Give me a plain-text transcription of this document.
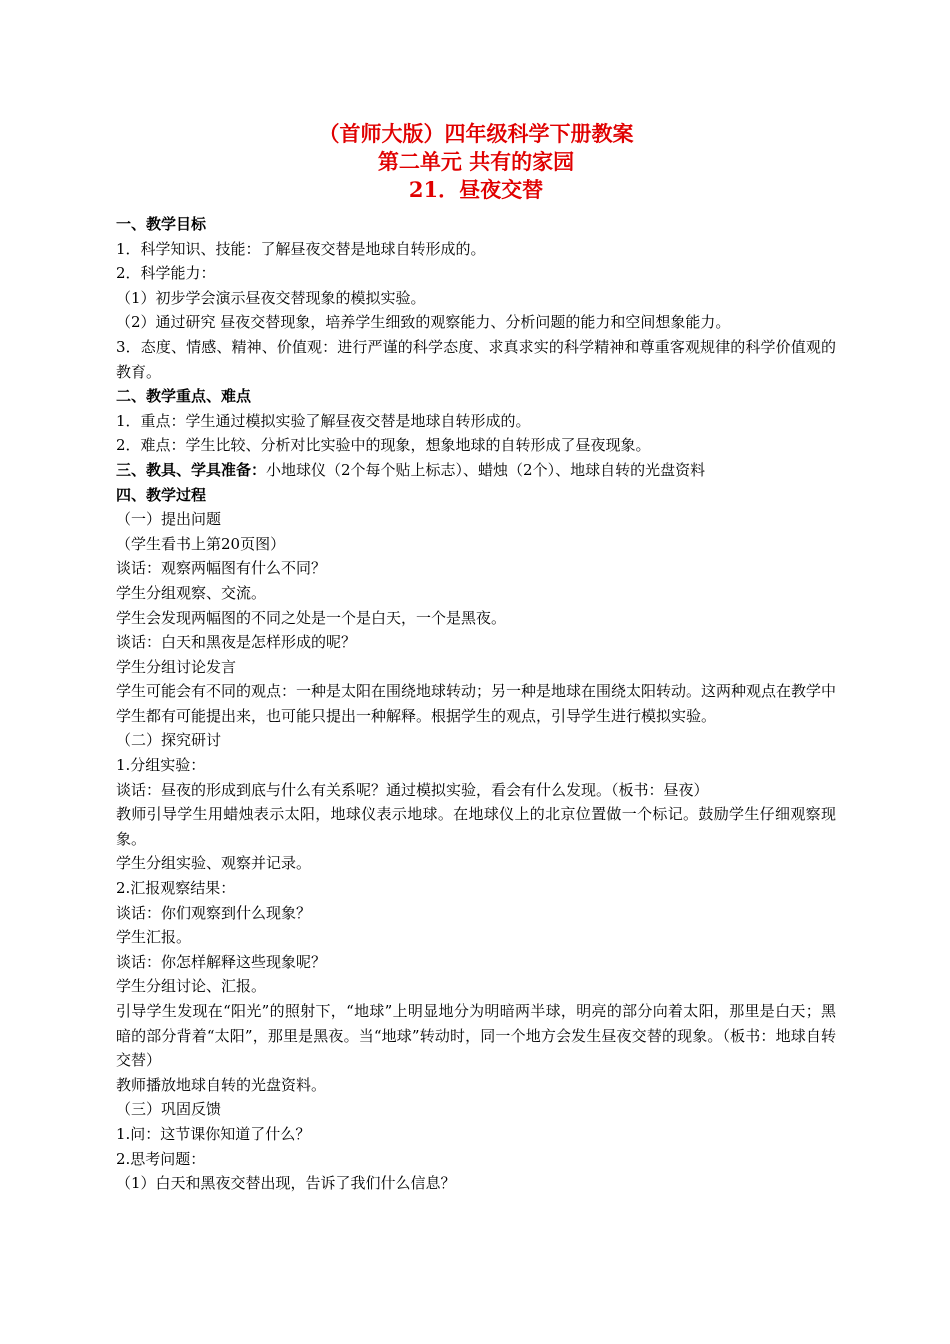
（首师大版）四年级科学下册教案
第二单元 共有的家园
21．昼夜交替

一、教学目标

1．科学知识、技能：了解昼夜交替是地球自转形成的。

2．科学能力：

（1）初步学会演示昼夜交替现象的模拟实验。

（2）通过研究 昼夜交替现象，培养学生细致的观察能力、分析问题的能力和空间想象能力。

3．态度、情感、精神、价值观：进行严谨的科学态度、求真求实的科学精神和尊重客观规律的科学价值观的教育。

二、教学重点、难点

1．重点：学生通过模拟实验了解昼夜交替是地球自转形成的。

2．难点：学生比较、分析对比实验中的现象，想象地球的自转形成了昼夜现象。

三、教具、学具准备：小地球仪（2个每个贴上标志）、蜡烛（2个）、地球自转的光盘资料

四、教学过程

（一）提出问题

（学生看书上第20页图）

谈话：观察两幅图有什么不同？

学生分组观察、交流。

学生会发现两幅图的不同之处是一个是白天，一个是黑夜。

谈话：白天和黑夜是怎样形成的呢？

学生分组讨论发言

学生可能会有不同的观点：一种是太阳在围绕地球转动；另一种是地球在围绕太阳转动。这两种观点在教学中学生都有可能提出来，也可能只提出一种解释。根据学生的观点，引导学生进行模拟实验。

（二）探究研讨

1.分组实验：

谈话：昼夜的形成到底与什么有关系呢？通过模拟实验，看会有什么发现。（板书：昼夜）

教师引导学生用蜡烛表示太阳，地球仪表示地球。在地球仪上的北京位置做一个标记。鼓励学生仔细观察现象。

学生分组实验、观察并记录。

2.汇报观察结果：

谈话：你们观察到什么现象？

学生汇报。

谈话：你怎样解释这些现象呢？

学生分组讨论、汇报。

引导学生发现在“阳光”的照射下，“地球”上明显地分为明暗两半球，明亮的部分向着太阳，那里是白天；黑暗的部分背着“太阳”，那里是黑夜。当“地球”转动时，同一个地方会发生昼夜交替的现象。（板书：地球自转　　交替）

教师播放地球自转的光盘资料。

（三）巩固反馈

1.问：这节课你知道了什么？

2.思考问题：

（1）白天和黑夜交替出现，告诉了我们什么信息？
